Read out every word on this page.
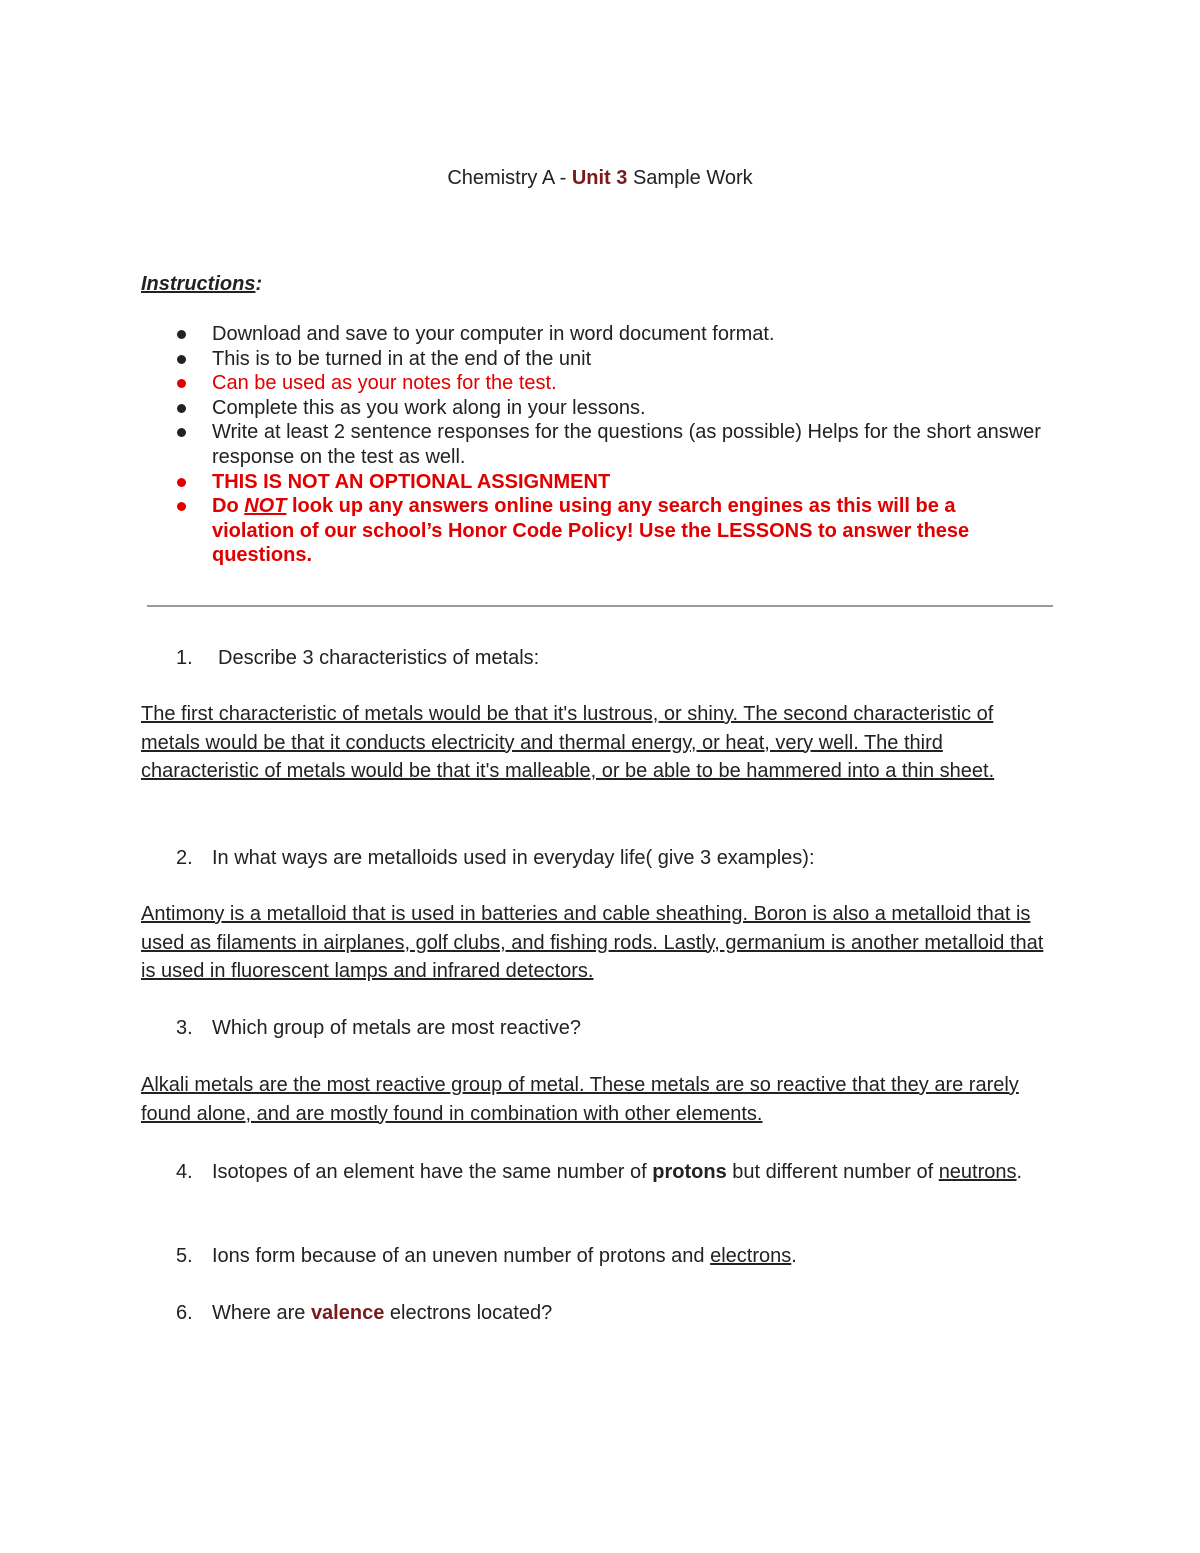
Chemistry A - Unit 3 Sample Work
Instructions:
Download and save to your computer in word document format.
This is to be turned in at the end of the unit
Can be used as your notes for the test.
Complete this as you work along in your lessons.
Write at least 2 sentence responses for the questions (as possible) Helps for the short answer response on the test as well.
THIS IS NOT AN OPTIONAL ASSIGNMENT
Do NOT look up any answers online using any search engines as this will be a violation of our school’s Honor Code Policy! Use the LESSONS to answer these questions.
1.	Describe 3 characteristics of metals:
The first characteristic of metals would be that it's lustrous, or shiny. The second characteristic of metals would be that it conducts electricity and thermal energy, or heat, very well. The third characteristic of metals would be that it's malleable, or be able to be hammered into a thin sheet.
2. In what ways are metalloids used in everyday life( give 3 examples):
Antimony is a metalloid that is used in batteries and cable sheathing. Boron is also a metalloid that is used as filaments in airplanes, golf clubs, and fishing rods. Lastly, germanium is another metalloid that is used in fluorescent lamps and infrared detectors.
3. Which group of metals are most reactive?
Alkali metals are the most reactive group of metal. These metals are so reactive that they are rarely found alone, and are mostly found in combination with other elements.
4. Isotopes of an element have the same number of protons but different number of neutrons.
5. Ions form because of an uneven number of protons and electrons.
6. Where are valence electrons located?
